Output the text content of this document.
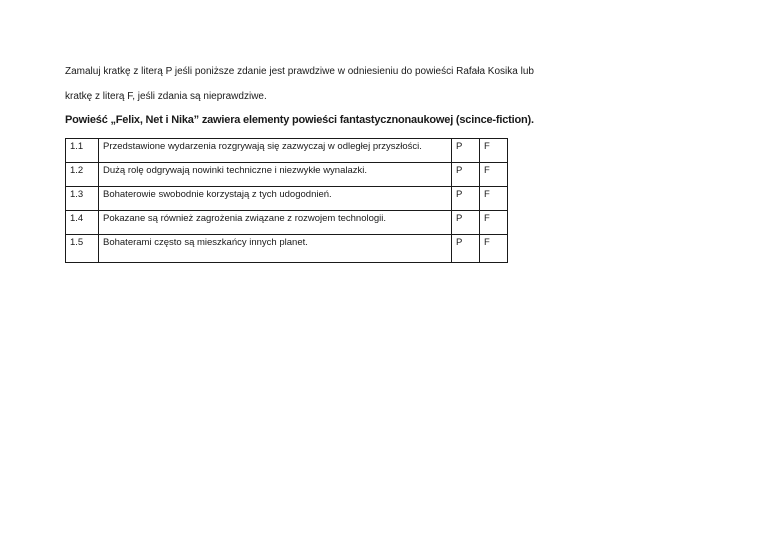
Zamaluj kratkę z literą P jeśli poniższe zdanie jest prawdziwe w odniesieniu do powieści Rafała Kosika lub

kratkę z literą F, jeśli zdania są nieprawdziwe.

Powieść „Felix, Net i Nika” zawiera elementy powieści fantastycznonaukowej (scince-fiction).

1.1	Przedstawione wydarzenia rozgrywają się zazwyczaj w odległej przyszłości.	P	F
1.2	Dużą rolę odgrywają nowinki techniczne i niezwykłe wynalazki.	P	F
1.3	Bohaterowie swobodnie korzystają z tych udogodnień.	P	F
1.4	Pokazane są również zagrożenia związane z rozwojem technologii.	P	F
1.5	Bohaterami często są mieszkańcy innych planet.	P	F
